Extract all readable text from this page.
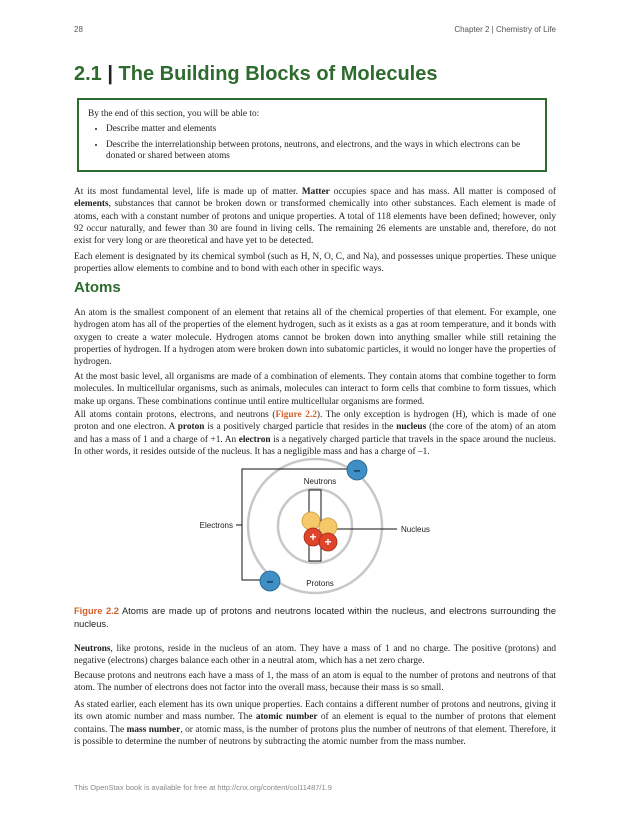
28	Chapter 2 | Chemistry of Life
2.1 | The Building Blocks of Molecules
By the end of this section, you will be able to:
• Describe matter and elements
• Describe the interrelationship between protons, neutrons, and electrons, and the ways in which electrons can be donated or shared between atoms

At its most fundamental level, life is made up of matter. Matter occupies space and has mass. All matter is composed of elements, substances that cannot be broken down or transformed chemically into other substances. Each element is made of atoms, each with a constant number of protons and unique properties. A total of 118 elements have been defined; however, only 92 occur naturally, and fewer than 30 are found in living cells. The remaining 26 elements are unstable and, therefore, do not exist for very long or are theoretical and have yet to be detected.

Each element is designated by its chemical symbol (such as H, N, O, C, and Na), and possesses unique properties. These unique properties allow elements to combine and to bond with each other in specific ways.

Atoms

An atom is the smallest component of an element that retains all of the chemical properties of that element. For example, one hydrogen atom has all of the properties of the element hydrogen, such as it exists as a gas at room temperature, and it bonds with oxygen to create a water molecule. Hydrogen atoms cannot be broken down into anything smaller while still retaining the properties of hydrogen. If a hydrogen atom were broken down into subatomic particles, it would no longer have the properties of hydrogen.

At the most basic level, all organisms are made of a combination of elements. They contain atoms that combine together to form molecules. In multicellular organisms, such as animals, molecules can interact to form cells that combine to form tissues, which make up organs. These combinations continue until entire multicellular organisms are formed.

All atoms contain protons, electrons, and neutrons (Figure 2.2). The only exception is hydrogen (H), which is made of one proton and one electron. A proton is a positively charged particle that resides in the nucleus (the core of the atom) of an atom and has a mass of 1 and a charge of +1. An electron is a negatively charged particle that travels in the space around the nucleus. In other words, it resides outside of the nucleus. It has a negligible mass and has a charge of –1.

+ +
–
–
Neutrons
Electrons	Nucleus
Protons

Figure 2.2 Atoms are made up of protons and neutrons located within the nucleus, and electrons surrounding the nucleus.

Neutrons, like protons, reside in the nucleus of an atom. They have a mass of 1 and no charge. The positive (protons) and negative (electrons) charges balance each other in a neutral atom, which has a net zero charge.

Because protons and neutrons each have a mass of 1, the mass of an atom is equal to the number of protons and neutrons of that atom. The number of electrons does not factor into the overall mass, because their mass is so small.

As stated earlier, each element has its own unique properties. Each contains a different number of protons and neutrons, giving it its own atomic number and mass number. The atomic number of an element is equal to the number of protons that element contains. The mass number, or atomic mass, is the number of protons plus the number of neutrons of that element. Therefore, it is possible to determine the number of neutrons by subtracting the atomic number from the mass number.

This OpenStax book is available for free at http://cnx.org/content/col11487/1.9
